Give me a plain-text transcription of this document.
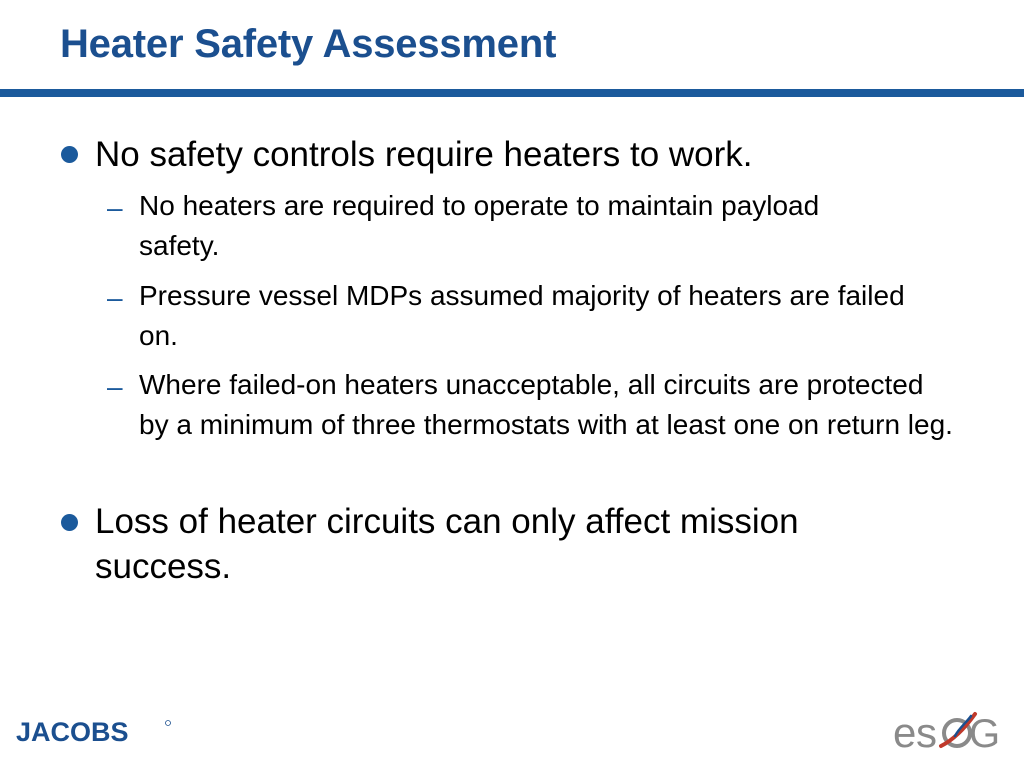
Heater Safety Assessment
No safety controls require heaters to work.
– No heaters are required to operate to maintain payload safety.
– Pressure vessel MDPs assumed majority of heaters are failed on.
– Where failed-on heaters unacceptable, all circuits are protected by a minimum of three thermostats with at least one on return leg.
Loss of heater circuits can only affect mission success.
JACOBS	e s G
